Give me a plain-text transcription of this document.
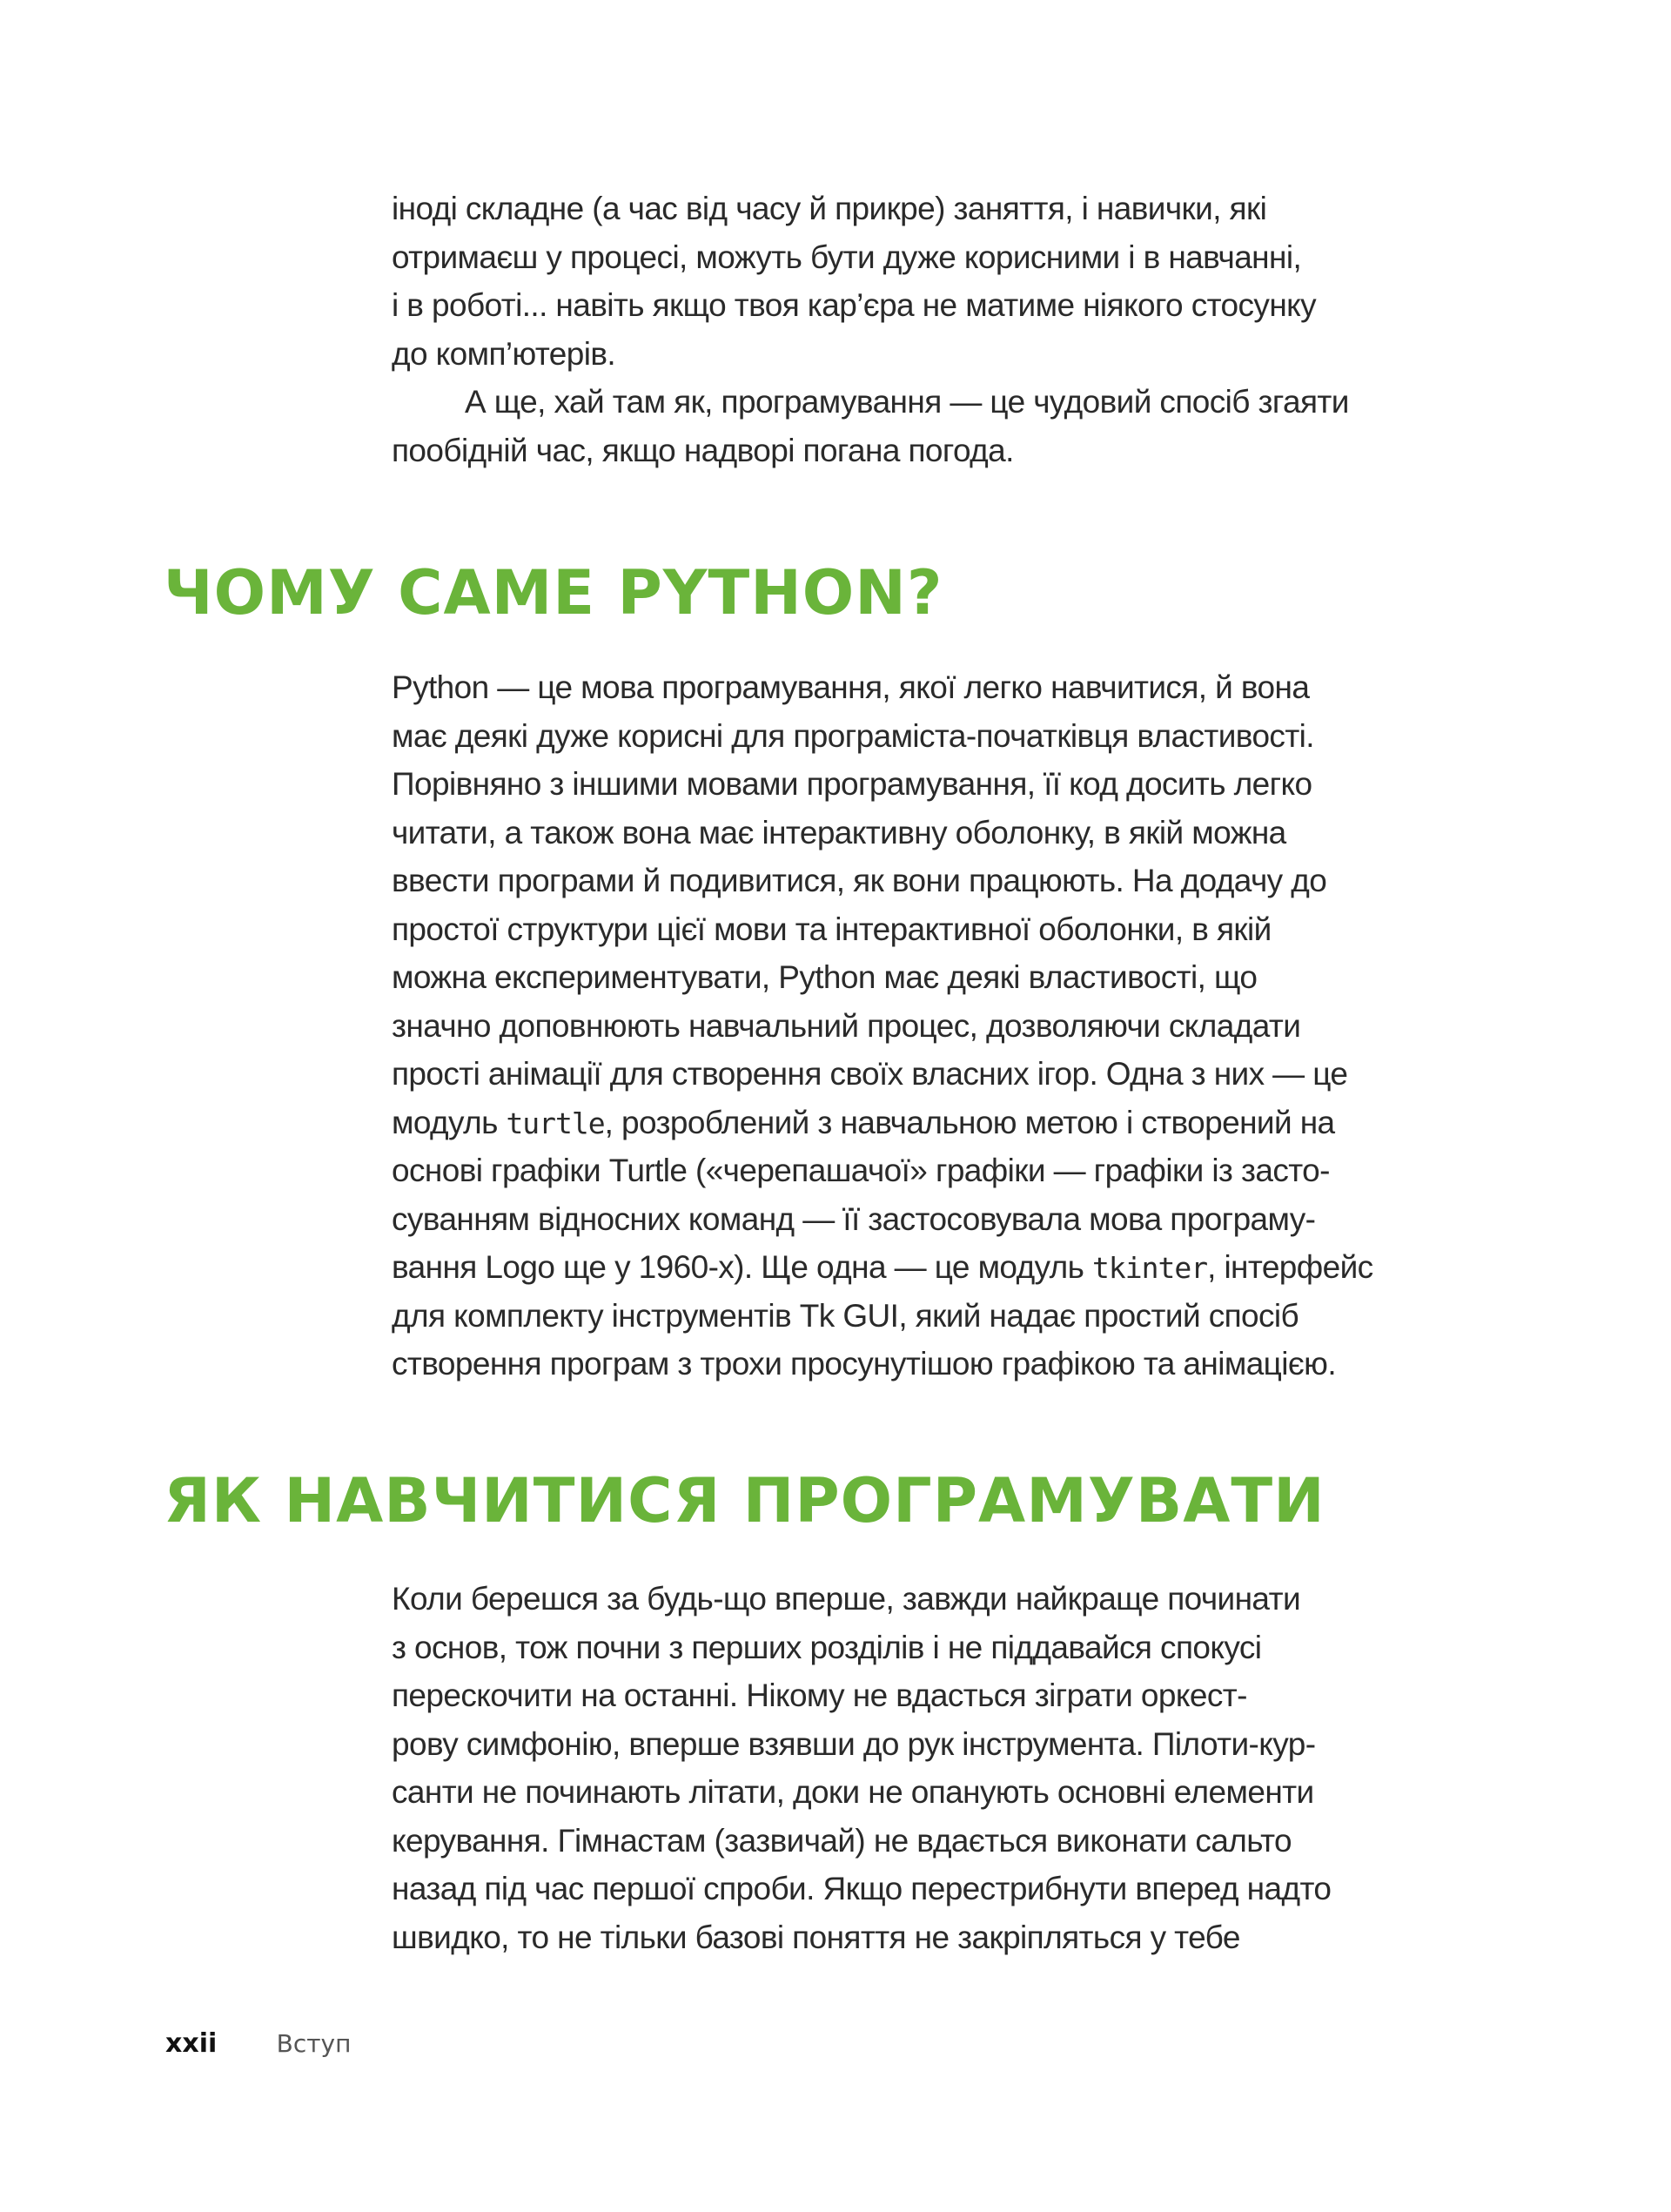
іноді складне (а час від часу й прикре) заняття, і навички, які
отримаєш у процесі, можуть бути дуже корисними і в навчанні,
і в роботі... навіть якщо твоя кар’єра не матиме ніякого стосунку
до комп’ютерів.
А ще, хай там як, програмування — це чудовий спосіб згаяти
пообідній час, якщо надворі погана погода.
ЧОМУ САМЕ PYTHON?
Python — це мова програмування, якої легко навчитися, й вона
має деякі дуже корисні для програміста-початківця властивості.
Порівняно з іншими мовами програмування, її код досить легко
читати, а також вона має інтерактивну оболонку, в якій можна
ввести програми й подивитися, як вони працюють. На додачу до
простої структури цієї мови та інтерактивної оболонки, в якій
можна експериментувати, Python має деякі властивості, що
значно доповнюють навчальний процес, дозволяючи складати
прості анімації для створення своїх власних ігор. Одна з них — це
модуль turtle, розроблений з навчальною метою і створений на
основі графіки Turtle («черепашачої» графіки — графіки із засто-
суванням відносних команд — її застосовувала мова програму-
вання Logo ще у 1960-х). Ще одна — це модуль tkinter, інтерфейс
для комплекту інструментів Tk GUI, який надає простий спосіб
створення програм з трохи просунутішою графікою та анімацією.
ЯК НАВЧИТИСЯ ПРОГРАМУВАТИ
Коли берешся за будь-що вперше, завжди найкраще починати
з основ, тож почни з перших розділів і не піддавайся спокусі
перескочити на останні. Нікому не вдасться зіграти оркест-
рову симфонію, вперше взявши до рук інструмента. Пілоти-кур-
санти не починають літати, доки не опанують основні елементи
керування. Гімнастам (зазвичай) не вдається виконати сальто
назад під час першої спроби. Якщо перестрибнути вперед надто
швидко, то не тільки базові поняття не закріпляться у тебе
xxii Вступ
